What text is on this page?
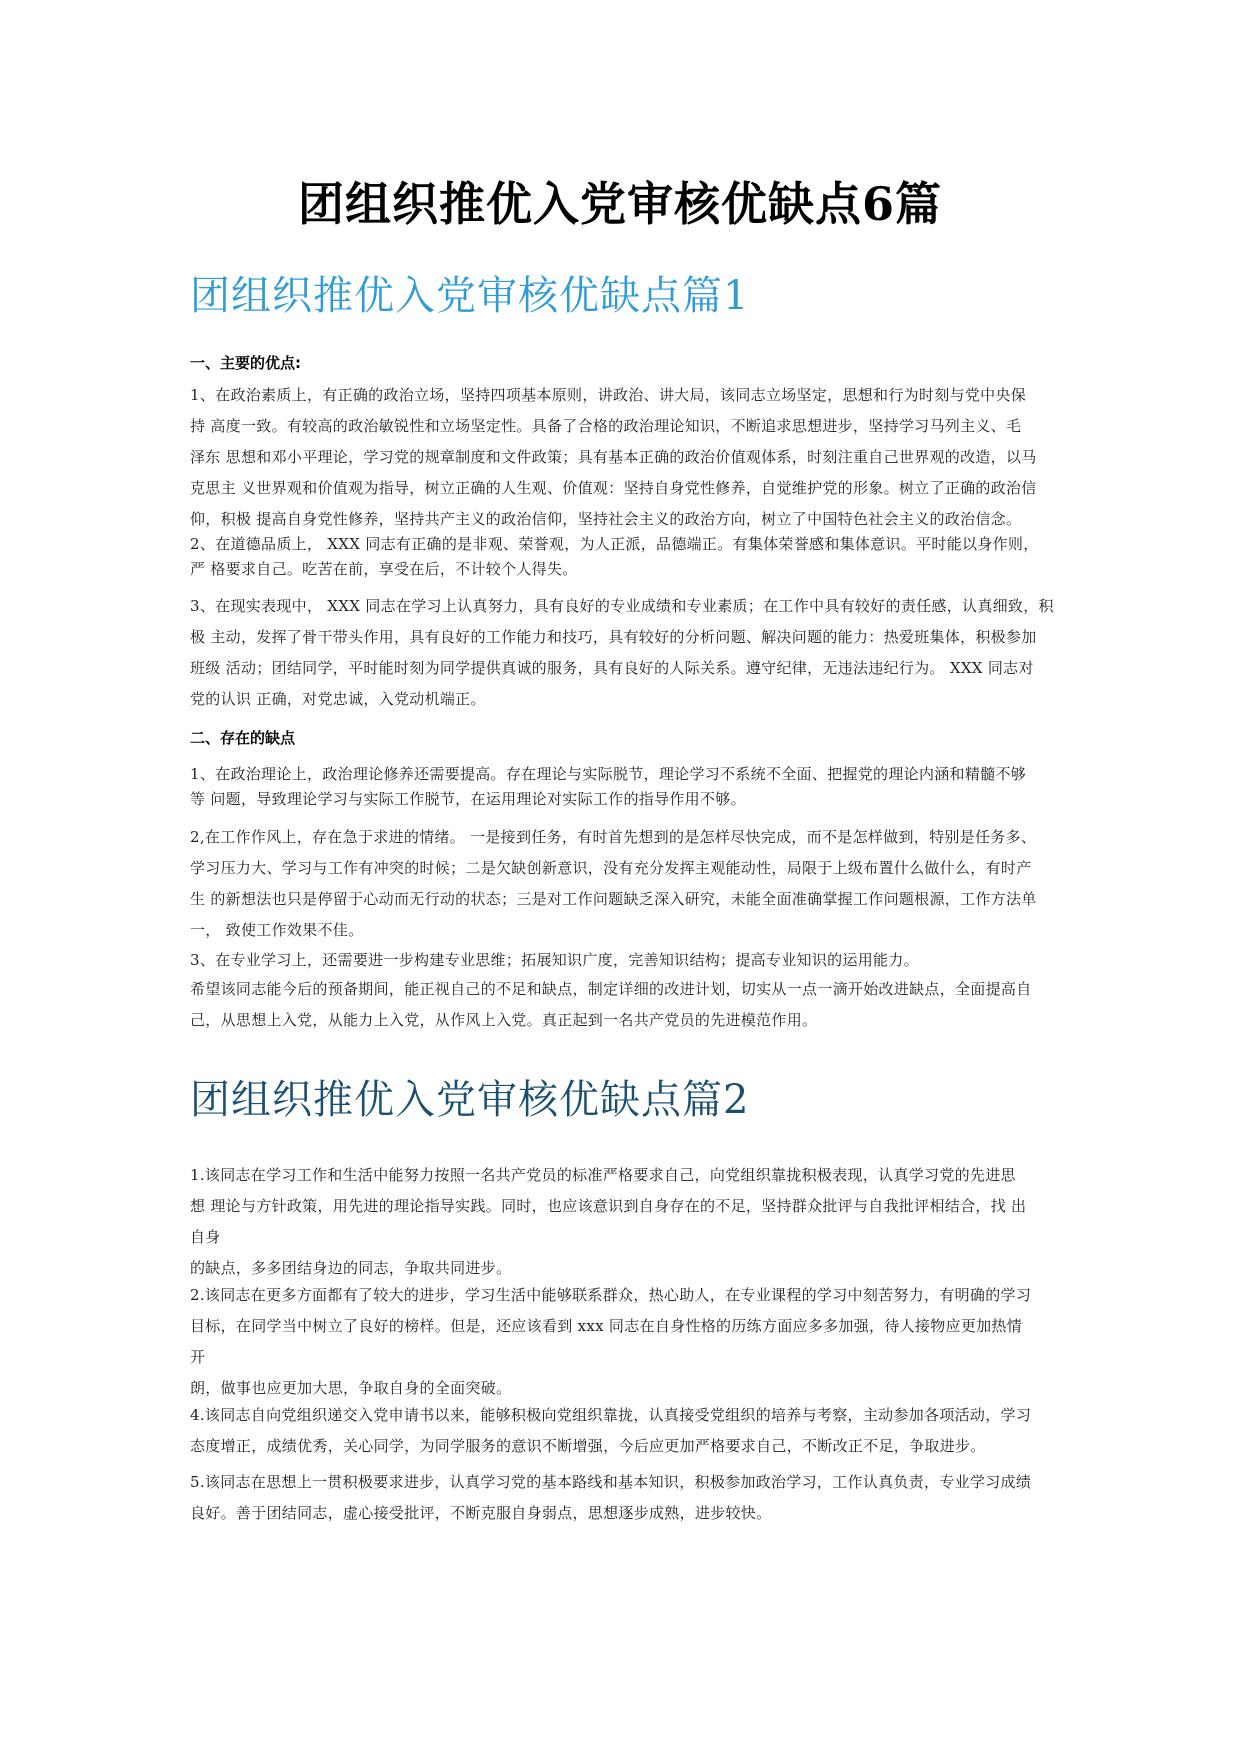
团组织推优入党审核优缺点6篇
团组织推优入党审核优缺点篇1
一、主要的优点:
1、在政治素质上，有正确的政治立场，坚持四项基本原则，讲政治、讲大局，该同志立场坚定，思想和行为时刻与党中央保
持 高度一致。有较高的政治敏锐性和立场坚定性。具备了合格的政治理论知识，不断追求思想进步，坚持学习马列主义、毛
泽东 思想和邓小平理论，学习党的规章制度和文件政策；具有基本正确的政治价值观体系，时刻注重自己世界观的改造，以马
克思主 义世界观和价值观为指导，树立正确的人生观、价值观：坚持自身党性修养，自觉维护党的形象。树立了正确的政治信
仰，积极 提高自身党性修养，坚持共产主义的政治信仰，坚持社会主义的政治方向，树立了中国特色社会主义的政治信念。
2、在道德品质上， XXX 同志有正确的是非观、荣誉观，为人正派，品德端正。有集体荣誉感和集体意识。平时能以身作则，
严 格要求自己。吃苦在前，享受在后，不计较个人得失。
3、在现实表现中， XXX 同志在学习上认真努力，具有良好的专业成绩和专业素质；在工作中具有较好的责任感，认真细致，积
极 主动，发挥了骨干带头作用，具有良好的工作能力和技巧，具有较好的分析问题、解决问题的能力：热爱班集体，积极参加
班级 活动；团结同学，平时能时刻为同学提供真诚的服务，具有良好的人际关系。遵守纪律，无违法违纪行为。 XXX 同志对
党的认识 正确，对党忠诚，入党动机端正。
二、存在的缺点
1、在政治理论上，政治理论修养还需要提高。存在理论与实际脱节，理论学习不系统不全面、把握党的理论内涵和精髓不够
等 问题，导致理论学习与实际工作脱节，在运用理论对实际工作的指导作用不够。
2,在工作作风上，存在急于求进的情绪。 一是接到任务，有时首先想到的是怎样尽快完成，而不是怎样做到，特别是任务多、
学习压力大、学习与工作有冲突的时候；二是欠缺创新意识，没有充分发挥主观能动性，局限于上级布置什么做什么，有时产
生 的新想法也只是停留于心动而无行动的状态；三是对工作问题缺乏深入研究，未能全面准确掌握工作问题根源，工作方法单
一， 致使工作效果不佳。
3、在专业学习上，还需要进一步构建专业思维；拓展知识广度，完善知识结构；提高专业知识的运用能力。
希望该同志能今后的预备期间，能正视自己的不足和缺点，制定详细的改进计划，切实从一点一滴开始改进缺点，全面提高自
己，从思想上入党，从能力上入党，从作风上入党。真正起到一名共产党员的先进模范作用。
团组织推优入党审核优缺点篇2
1.该同志在学习工作和生活中能努力按照一名共产党员的标准严格要求自己，向党组织靠拢积极表现，认真学习党的先进思
想 理论与方针政策，用先进的理论指导实践。同时，也应该意识到自身存在的不足，坚持群众批评与自我批评相结合，找 出
自身
的缺点，多多团结身边的同志，争取共同进步。
2.该同志在更多方面都有了较大的进步，学习生活中能够联系群众，热心助人，在专业课程的学习中刻苦努力，有明确的学习
目标，在同学当中树立了良好的榜样。但是，还应该看到 xxx 同志在自身性格的历练方面应多多加强，待人接物应更加热情
开
朗，做事也应更加大思，争取自身的全面突破。
4.该同志自向党组织递交入党申请书以来，能够积极向党组织靠拢，认真接受党组织的培养与考察，主动参加各项活动，学习
态度增正，成绩优秀，关心同学，为同学服务的意识不断增强，今后应更加严格要求自己，不断改正不足，争取进步。
5.该同志在思想上一贯积极要求进步，认真学习党的基本路线和基本知识，积极参加政治学习，工作认真负责，专业学习成绩
良好。善于团结同志，虚心接受批评，不断克服自身弱点，思想逐步成熟，进步较快。
